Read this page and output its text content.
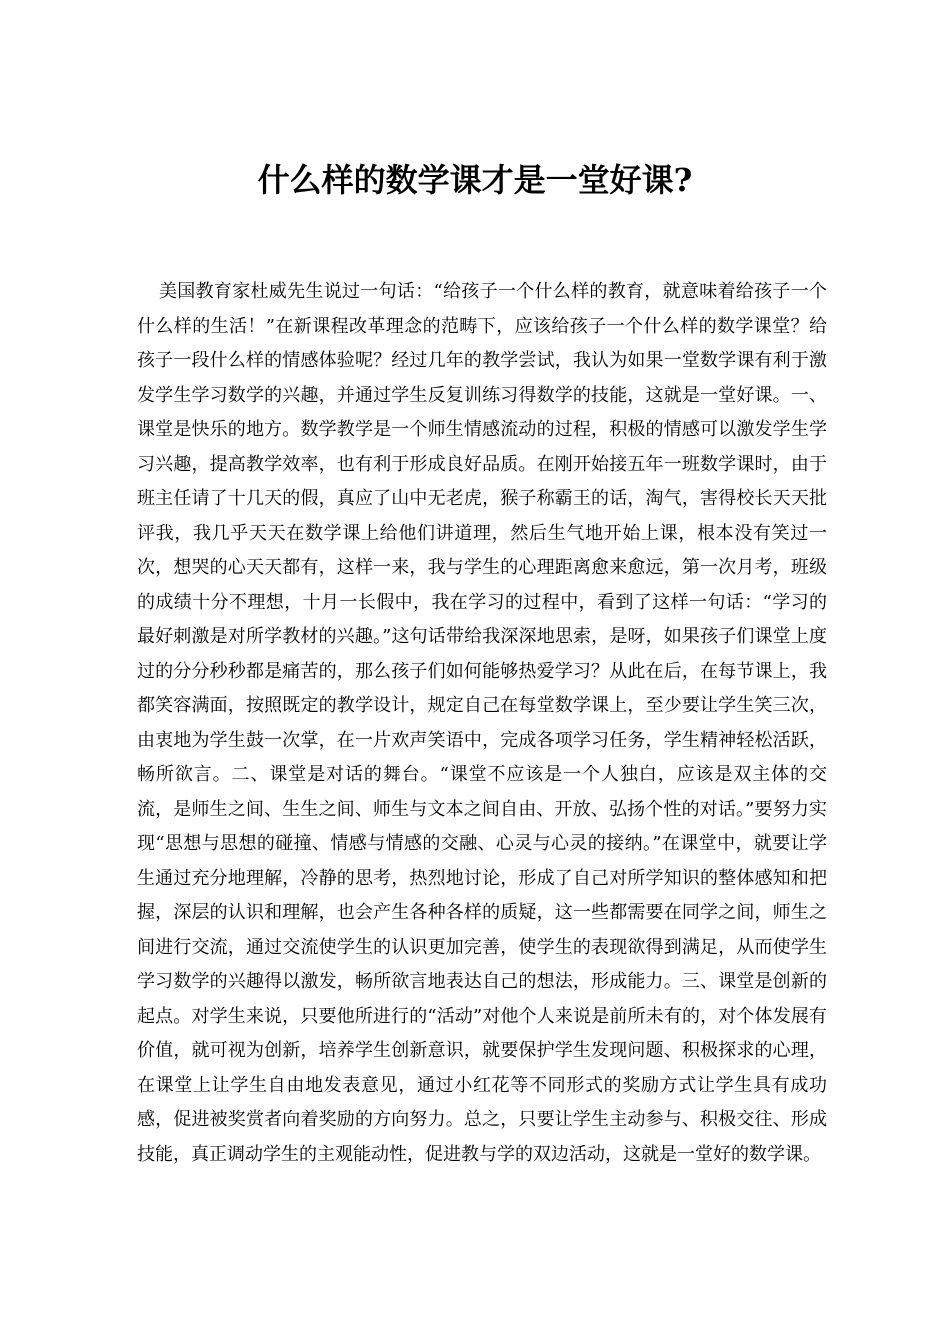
什么样的数学课才是一堂好课?

美国教育家杜威先生说过一句话：“给孩子一个什么样的教育，就意味着给孩子一个什么样的生活！”在新课程改革理念的范畴下，应该给孩子一个什么样的数学课堂？给孩子一段什么样的情感体验呢？经过几年的教学尝试，我认为如果一堂数学课有利于激发学生学习数学的兴趣，并通过学生反复训练习得数学的技能，这就是一堂好课。一、课堂是快乐的地方。数学教学是一个师生情感流动的过程，积极的情感可以激发学生学习兴趣，提高教学效率，也有利于形成良好品质。在刚开始接五年一班数学课时，由于班主任请了十几天的假，真应了山中无老虎，猴子称霸王的话，淘气，害得校长天天批评我，我几乎天天在数学课上给他们讲道理，然后生气地开始上课，根本没有笑过一次，想哭的心天天都有，这样一来，我与学生的心理距离愈来愈远，第一次月考，班级的成绩十分不理想，十月一长假中，我在学习的过程中，看到了这样一句话：“学习的最好刺激是对所学教材的兴趣。”这句话带给我深深地思索，是呀，如果孩子们课堂上度过的分分秒秒都是痛苦的，那么孩子们如何能够热爱学习？从此在后，在每节课上，我都笑容满面，按照既定的教学设计，规定自己在每堂数学课上，至少要让学生笑三次，由衷地为学生鼓一次掌，在一片欢声笑语中，完成各项学习任务，学生精神轻松活跃，畅所欲言。二、课堂是对话的舞台。“课堂不应该是一个人独白，应该是双主体的交流，是师生之间、生生之间、师生与文本之间自由、开放、弘扬个性的对话。”要努力实现“思想与思想的碰撞、情感与情感的交融、心灵与心灵的接纳。”在课堂中，就要让学生通过充分地理解，冷静的思考，热烈地讨论，形成了自己对所学知识的整体感知和把握，深层的认识和理解，也会产生各种各样的质疑，这一些都需要在同学之间，师生之间进行交流，通过交流使学生的认识更加完善，使学生的表现欲得到满足，从而使学生学习数学的兴趣得以激发，畅所欲言地表达自己的想法，形成能力。三、课堂是创新的起点。对学生来说，只要他所进行的“活动”对他个人来说是前所未有的，对个体发展有价值，就可视为创新，培养学生创新意识，就要保护学生发现问题、积极探求的心理，在课堂上让学生自由地发表意见，通过小红花等不同形式的奖励方式让学生具有成功感，促进被奖赏者向着奖励的方向努力。总之，只要让学生主动参与、积极交往、形成技能，真正调动学生的主观能动性，促进教与学的双边活动，这就是一堂好的数学课。
